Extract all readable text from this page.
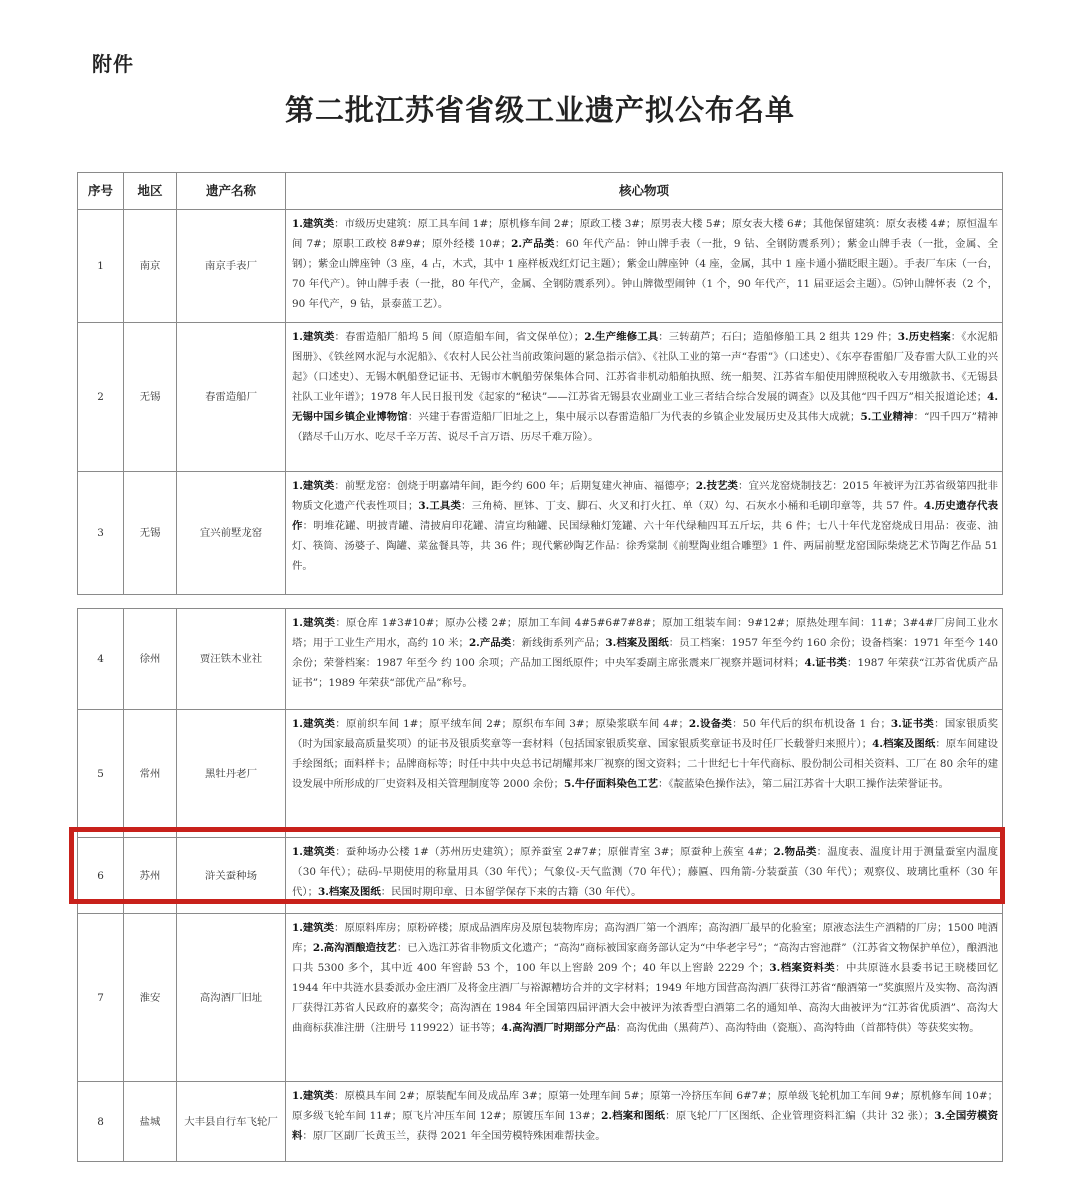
附件
第二批江苏省省级工业遗产拟公布名单
序号	地区	遗产名称	核心物项
1	南京	南京手表厂	1.建筑类：市级历史建筑：原工具车间 1#；原机修车间 2#；原政工楼 3#；原男表大楼 5#；原女表大楼 6#；其他保留建筑：原女表楼 4#；原恒温车间 7#；原职工政校 8#9#；原外经楼 10#；2.产品类：60 年代产品：钟山牌手表（一批，9 钻、全钢防震系列）；紫金山牌手表（一批，金属、全钢）；紫金山牌座钟（3 座，4 占，木式，其中 1 座样板戏红灯记主题）；紫金山牌座钟（4 座，金属，其中 1 座卡通小猫眨眼主题）。手表厂车床（一台，70 年代产）。钟山牌手表（一批，80 年代产，金属、全钢防震系列）。钟山牌微型闹钟（1 个，90 年代产，11 届亚运会主题）。⑸钟山牌怀表（2 个，90 年代产，9 钻，景泰蓝工艺）。
2	无锡	春雷造船厂	1.建筑类：春雷造船厂船坞 5 间（原造船车间，省文保单位）；2.生产维修工具：三转葫芦；石臼；造船修船工具 2 组共 129 件；3.历史档案：《水泥船图册》、《铁丝网水泥与水泥船》、《农村人民公社当前政策问题的紧急指示信》、《社队工业的第一声“春雷”》（口述史）、《东亭春雷船厂及春雷大队工业的兴起》（口述史）、无锡木帆船登记证书、无锡市木帆船劳保集体合同、江苏省非机动船舶执照、统一船契、江苏省车船使用牌照税收入专用缴款书、《无锡县社队工业年谱》；1978 年人民日报刊发《起家的“秘诀”——江苏省无锡县农业副业工业三者结合综合发展的调查》以及其他“四千四万”相关报道论述；4.无锡中国乡镇企业博物馆：兴建于春雷造船厂旧址之上，集中展示以春雷造船厂为代表的乡镇企业发展历史及其伟大成就；5.工业精神：“四千四万”精神（踏尽千山万水、吃尽千辛万苦、说尽千言万语、历尽千难万险）。
3	无锡	宜兴前墅龙窑	1.建筑类：前墅龙窑：创烧于明嘉靖年间，距今约 600 年；后期复建火神庙、福德亭；2.技艺类：宜兴龙窑烧制技艺：2015 年被评为江苏省级第四批非物质文化遗产代表性项目；3.工具类：三角椅、匣钵、丁支、脚石、火叉和打火扛、单（双）勾、石灰水小桶和毛刷印章等，共 57 件。4.历史遗存代表作：明堆花罐、明披青罐、清披肩印花罐、清宣均釉罐、民国绿釉灯笼罐、六十年代绿釉四耳五斤坛，共 6 件；七八十年代龙窑烧成日用品：夜壶、油灯、筷筒、汤婆子、陶罐、菜盆餐具等，共 36 件；现代紫砂陶艺作品：徐秀棠制《前墅陶业组合雕塑》1 件、两届前墅龙窑国际柴烧艺术节陶艺作品 51 件。
4	徐州	贾汪铁木业社	1.建筑类：原仓库 1#3#10#；原办公楼 2#；原加工车间 4#5#6#7#8#；原加工组装车间：9#12#；原热处理车间：11#；3#4#厂房间工业水塔；用于工业生产用水，高约 10 米；2.产品类：新线街系列产品；3.档案及图纸：员工档案：1957 年至今约 160 余份；设备档案：1971 年至今 140 余份；荣誉档案：1987 年至今 约 100 余项；产品加工图纸原件；中央军委副主席张震来厂视察并题词材料；4.证书类：1987 年荣获“江苏省优质产品证书”；1989 年荣获“部优产品”称号。
5	常州	黑牡丹老厂	1.建筑类：原前织车间 1#；原平绒车间 2#；原织布车间 3#；原染浆联车间 4#；2.设备类：50 年代后的织布机设备 1 台；3.证书类：国家银质奖（时为国家最高质量奖项）的证书及银质奖章等一套材料（包括国家银质奖章、国家银质奖章证书及时任厂长载誉归来照片）；4.档案及图纸：原车间建设手绘图纸；面料样卡；品牌商标等；时任中共中央总书记胡耀邦来厂视察的图文资料；二十世纪七十年代商标、股份制公司相关资料、工厂在 80 余年的建设发展中所形成的厂史资料及相关管理制度等 2000 余份；5.牛仔面料染色工艺：《靛蓝染色操作法》，第二届江苏省十大职工操作法荣誉证书。
6	苏州	浒关蚕种场	1.建筑类：蚕种场办公楼 1#（苏州历史建筑）；原养蚕室 2#7#；原催青室 3#；原蚕种上蔟室 4#；2.物品类：温度表、温度计用于测量蚕室内温度（30 年代）；砝码-早期使用的称量用具（30 年代）；气象仪-天气监测（70 年代）；藤匾、四角箭-分装蚕茧（30 年代）；观察仪、玻璃比重杯（30 年代）；3.档案及图纸：民国时期印章、日本留学保存下来的古籍（30 年代）。

7	淮安	高沟酒厂旧址	1.建筑类：原原料库房；原粉碎楼；原成品酒库房及原包装物库房；高沟酒厂第一个酒库；高沟酒厂最早的化验室；原液态法生产酒精的厂房；1500 吨酒库；2.高沟酒酿造技艺：已入选江苏省非物质文化遗产；“高沟”商标被国家商务部认定为“中华老字号”；“高沟古窖池群”（江苏省文物保护单位），酿酒池口共 5300 多个，其中近 400 年窖龄 53 个，100 年以上窖龄 209 个；40 年以上窖龄 2229 个；3.档案资料类：中共原涟水县委书记王晓楼回忆 1944 年中共涟水县委派办金庄酒厂及将金庄酒厂与裕源糟坊合并的文字材料；1949 年地方国营高沟酒厂获得江苏省“酿酒第一”奖旗照片及实物、高沟酒厂获得江苏省人民政府的嘉奖令；高沟酒在 1984 年全国第四届评酒大会中被评为浓香型白酒第二名的通知单、高沟大曲被评为“江苏省优质酒”、高沟大曲商标获准注册（注册号 119922）证书等；4.高沟酒厂时期部分产品：高沟优曲（黑荷芦）、高沟特曲（瓷瓶）、高沟特曲（首都特供）等获奖实物。
8	盐城	大丰县自行车飞轮厂	1.建筑类：原模具车间 2#；原装配车间及成品库 3#；原第一处理车间 5#；原第一冷挤压车间 6#7#；原单级飞轮机加工车间 9#；原机修车间 10#；原多级飞轮车间 11#；原飞片冲压车间 12#；原镀压车间 13#；2.档案和图纸：原飞轮厂厂区图纸、企业管理资料汇编（共计 32 张）；3.全国劳模资料：原厂区副厂长黄玉兰，获得 2021 年全国劳模特殊困难帮扶金。
